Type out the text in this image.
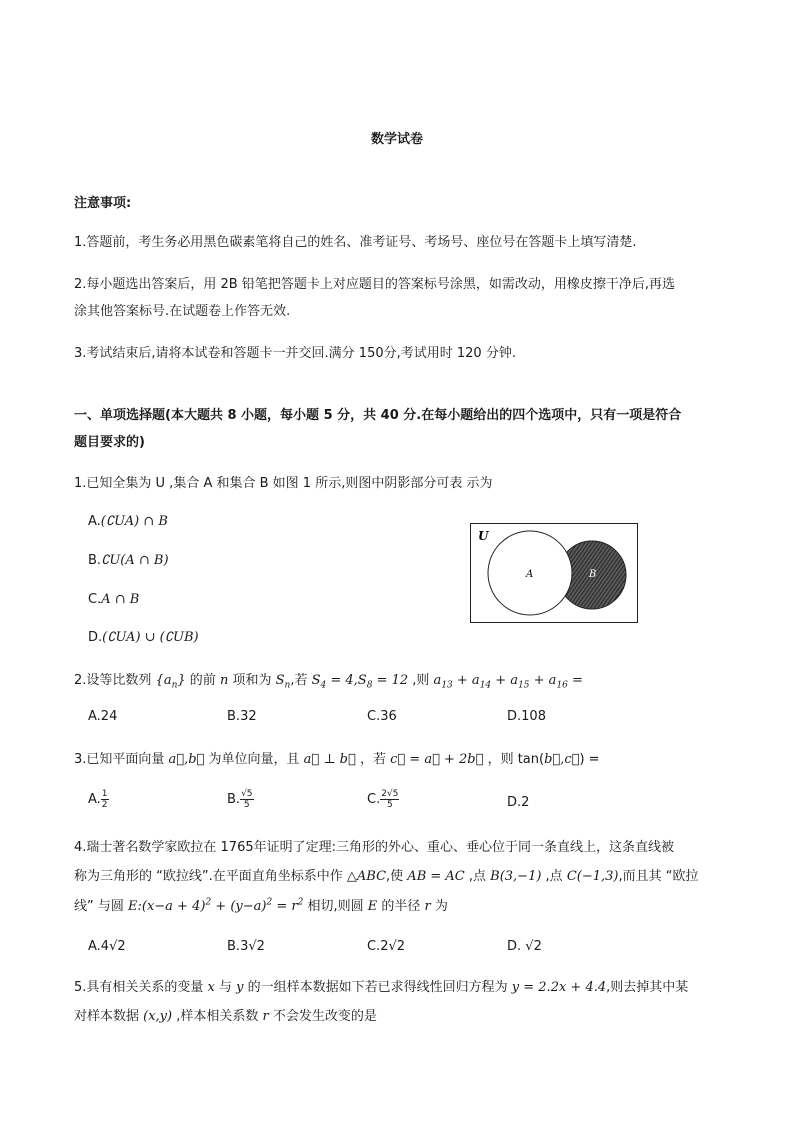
数学试卷
注意事项:
1.答题前，考生务必用黑色碳素笔将自己的姓名、准考证号、考场号、座位号在答题卡上填写清楚.
2.每小题选出答案后，用 2B 铅笔把答题卡上对应题目的答案标号涂黑，如需改动，用橡皮擦干净后,再选
涂其他答案标号.在试题卷上作答无效.
3.考试结束后,请将本试卷和答题卡一并交回.满分 150分,考试用时 120 分钟.
一、单项选择题(本大题共 8 小题，每小题 5 分，共 40 分.在每小题给出的四个选项中，只有一项是符合
题目要求的)
1.已知全集为 U ,集合 A 和集合 B 如图 1 所示,则图中阴影部分可表 示为
A.(∁UA) ∩ B
B.∁U(A ∩ B)
C.A ∩ B
D.(∁UA) ∪ (∁UB)
U
A	B
2.设等比数列 $\{a_n\}$ 的前 n 项和为 $S_n$,若 $S_4 = 4,S_8 = 12$ ,则 $a_{13} + a_{14} + a_{15} + a_{16}$ =
A.24	B.32	C.36	D.108
3.已知平面向量 a⃗,b⃗ 为单位向量，且 a⃗ ⊥ b⃗ ，若 c⃗ = a⃗ + 2b⃗ ，则 tan(b⃗,c⃗) =
A. $\frac{1}{2}$	B. $\frac{√5}{5}$	C. $\frac{2√5}{5}$	D.2
4.瑞士著名数学家欧拉在 1765年证明了定理:三角形的外心、重心、垂心位于同一条直线上，这条直线被
称为三角形的 “欧拉线”.在平面直角坐标系中作 △ABC,使 AB = AC ,点 B(3,−1) ,点 C(−1,3),而且其 “欧拉
线” 与圆 E:(x−a + $4)^2 + (y-a)^2 = r^2$ 相切,则圆 E 的半径 r 为
A.4√2	B.3√2	C.2√2	D. √2
5.具有相关关系的变量 x 与 y 的一组样本数据如下若已求得线性回归方程为 y = 2.2x + 4.4,则去掉其中某
对样本数据 (x,y) ,样本相关系数 r 不会发生改变的是
